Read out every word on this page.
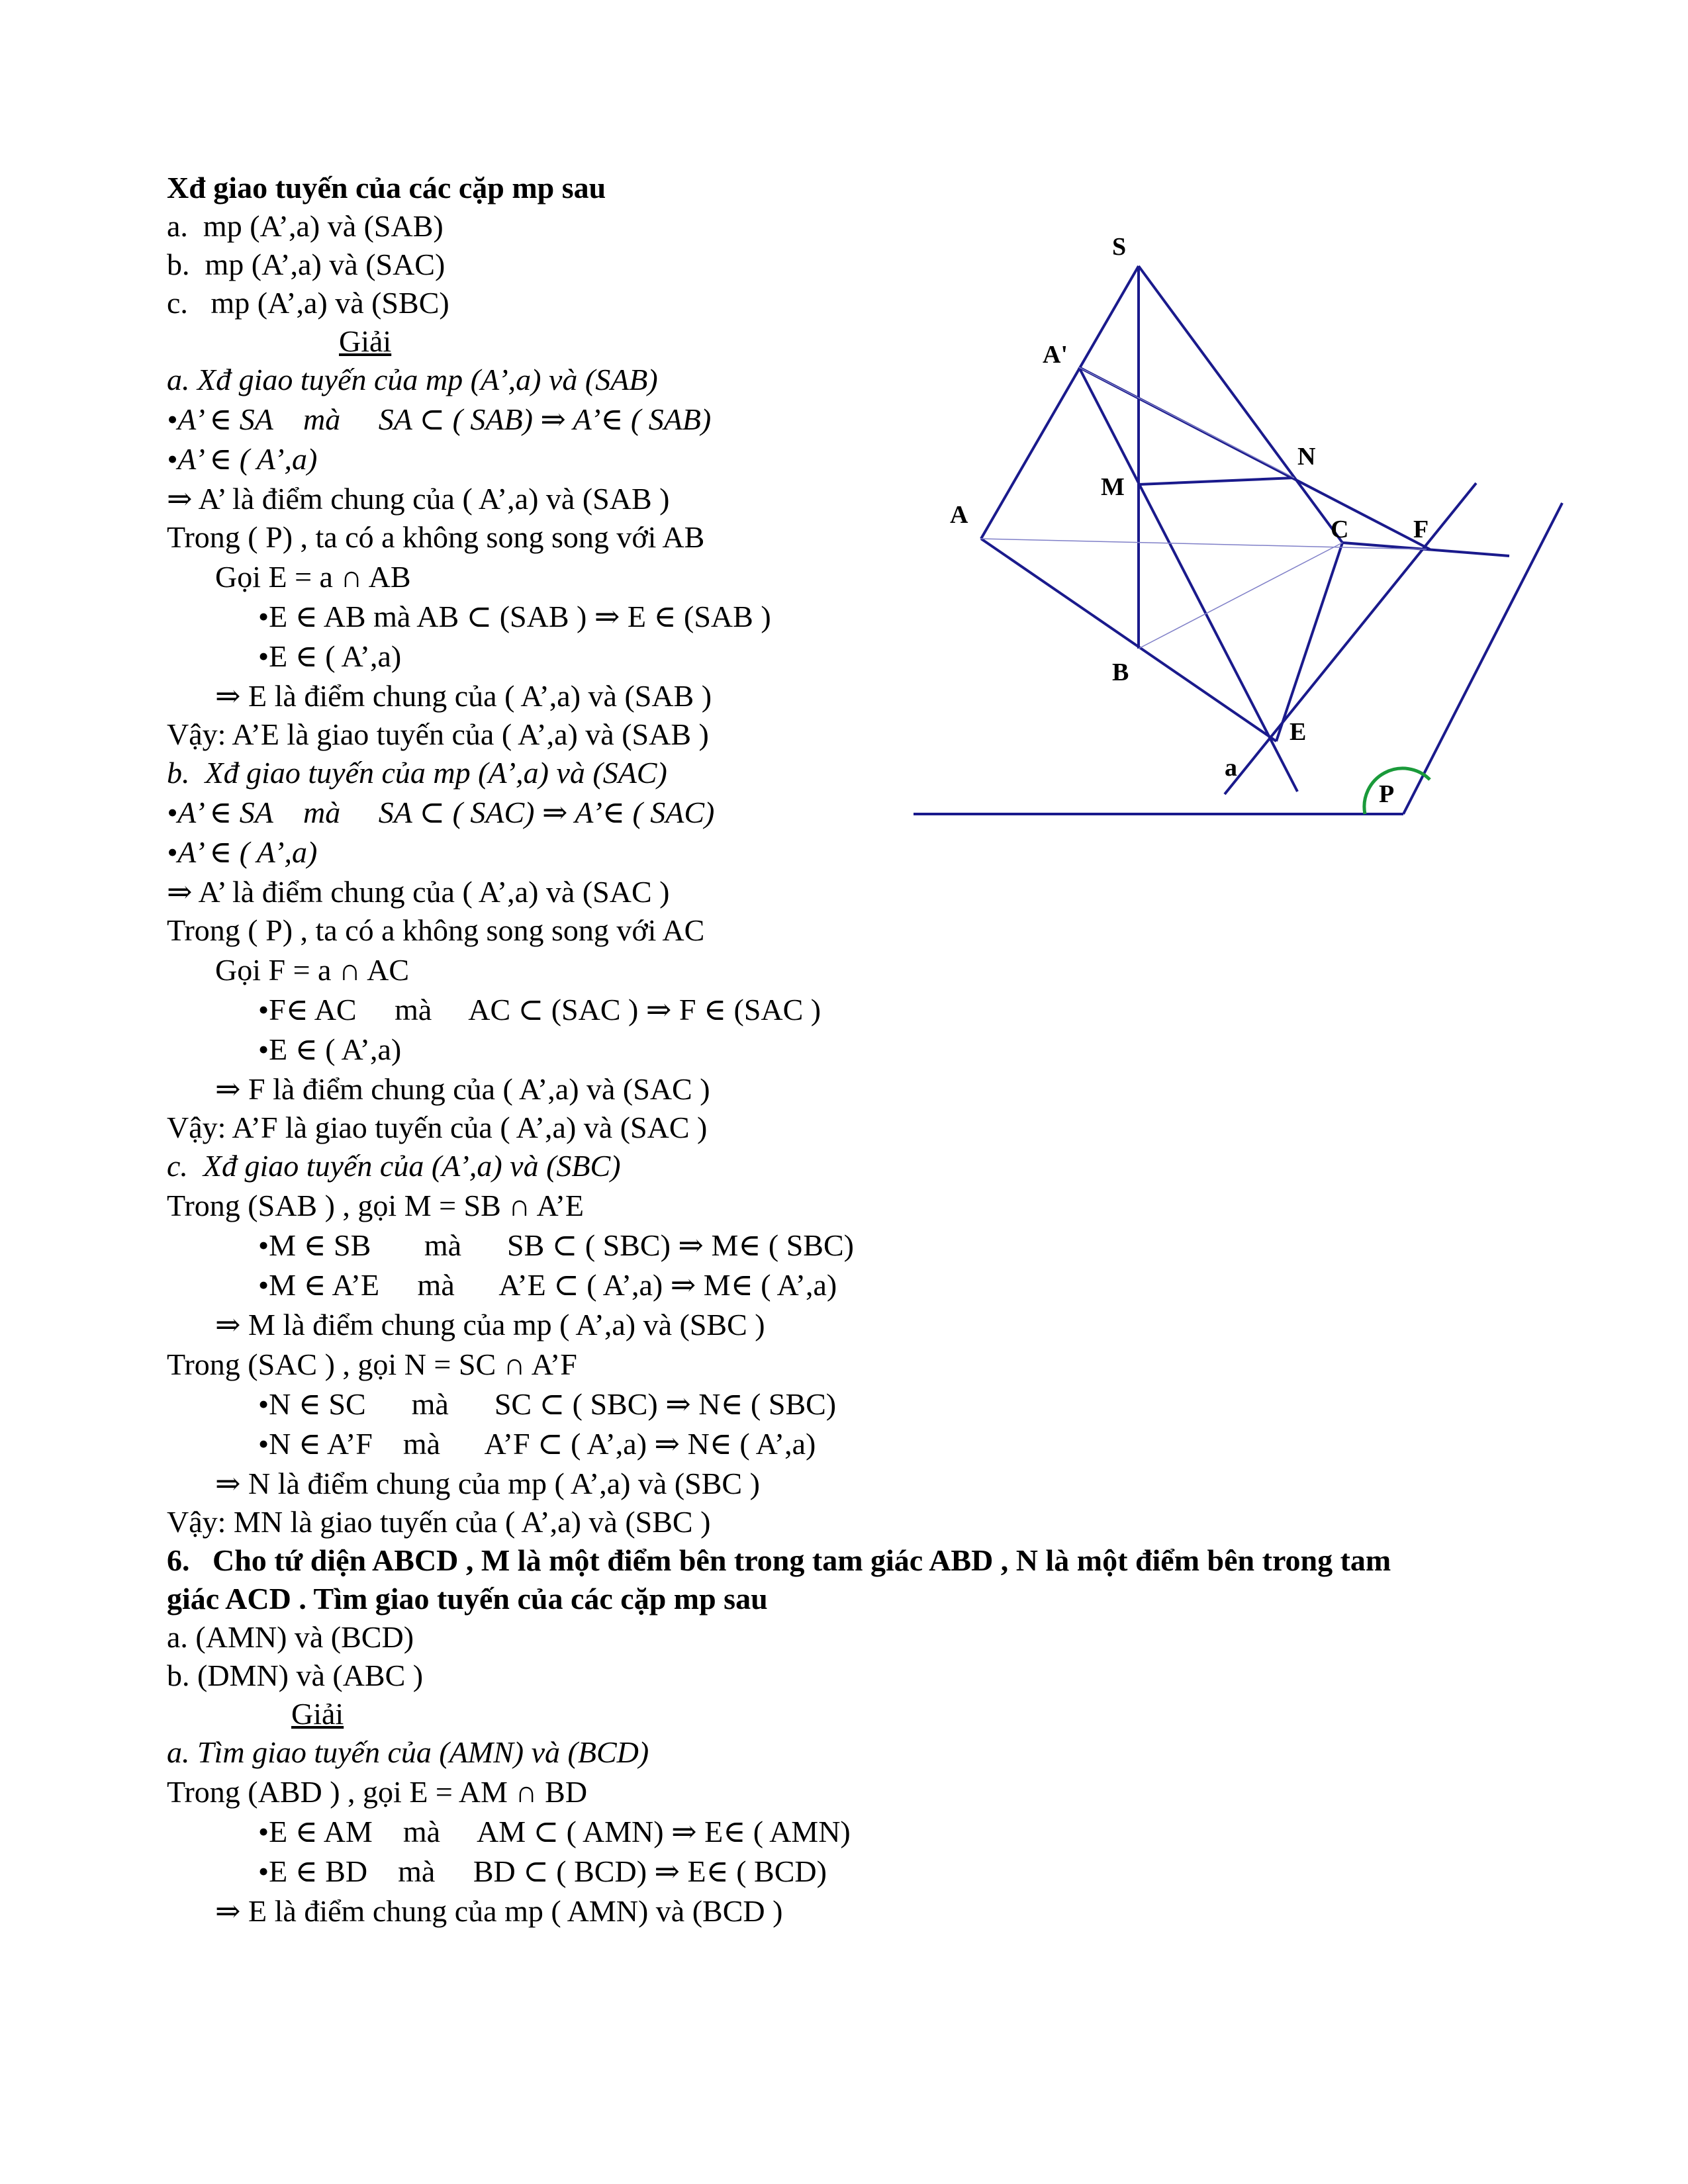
Xđ giao tuyến của các cặp mp sau
a.  mp (A’,a) và (SAB)
b.  mp (A’,a) và (SAC)
c.   mp (A’,a) và (SBC)
Giải
a. Xđ giao tuyến của mp (A’,a) và (SAB)
•A’ ∈ SA    mà     SA ⊂ ( SAB) ⇒ A’∈ ( SAB)
•A’ ∈ ( A’,a)
⇒ A’ là điểm chung của ( A’,a) và (SAB )
Trong ( P) , ta có a không song song với AB
Gọi E = a ∩ AB
•E ∈ AB mà AB ⊂ (SAB ) ⇒ E ∈ (SAB )
•E ∈ ( A’,a)
⇒ E là điểm chung của ( A’,a) và (SAB )
Vậy: A’E là giao tuyến của ( A’,a) và (SAB )
b.  Xđ giao tuyến của mp (A’,a) và (SAC)
•A’ ∈ SA    mà     SA ⊂ ( SAC) ⇒ A’∈ ( SAC)
•A’ ∈ ( A’,a)
⇒ A’ là điểm chung của ( A’,a) và (SAC )
Trong ( P) , ta có a không song song với AC
Gọi F = a ∩ AC
•F∈ AC     mà     AC ⊂ (SAC ) ⇒ F ∈ (SAC )
•E ∈ ( A’,a)
⇒ F là điểm chung của ( A’,a) và (SAC )
Vậy: A’F là giao tuyến của ( A’,a) và (SAC )
c.  Xđ giao tuyến của (A’,a) và (SBC)
Trong (SAB ) , gọi M = SB ∩ A’E
•M ∈ SB       mà      SB ⊂ ( SBC) ⇒ M∈ ( SBC)
•M ∈ A’E     mà      A’E ⊂ ( A’,a) ⇒ M∈ ( A’,a)
⇒ M là điểm chung của mp ( A’,a) và (SBC )
Trong (SAC ) , gọi N = SC ∩ A’F
•N ∈ SC      mà      SC ⊂ ( SBC) ⇒ N∈ ( SBC)
•N ∈ A’F    mà      A’F ⊂ ( A’,a) ⇒ N∈ ( A’,a)
⇒ N là điểm chung của mp ( A’,a) và (SBC )
Vậy: MN là giao tuyến của ( A’,a) và (SBC )
6.   Cho tứ diện ABCD , M là một điểm bên trong tam giác ABD , N là một điểm bên trong tam
giác ACD . Tìm giao tuyến của các cặp mp sau
a. (AMN) và (BCD)
b. (DMN) và (ABC )
Giải
a. Tìm giao tuyến của (AMN) và (BCD)
Trong (ABD ) , gọi E = AM ∩ BD
•E ∈ AM    mà     AM ⊂ ( AMN) ⇒ E∈ ( AMN)
•E ∈ BD    mà     BD ⊂ ( BCD) ⇒ E∈ ( BCD)
⇒ E là điểm chung của mp ( AMN) và (BCD )
S
A'
N
M
A
C	F
B
E
a
P
